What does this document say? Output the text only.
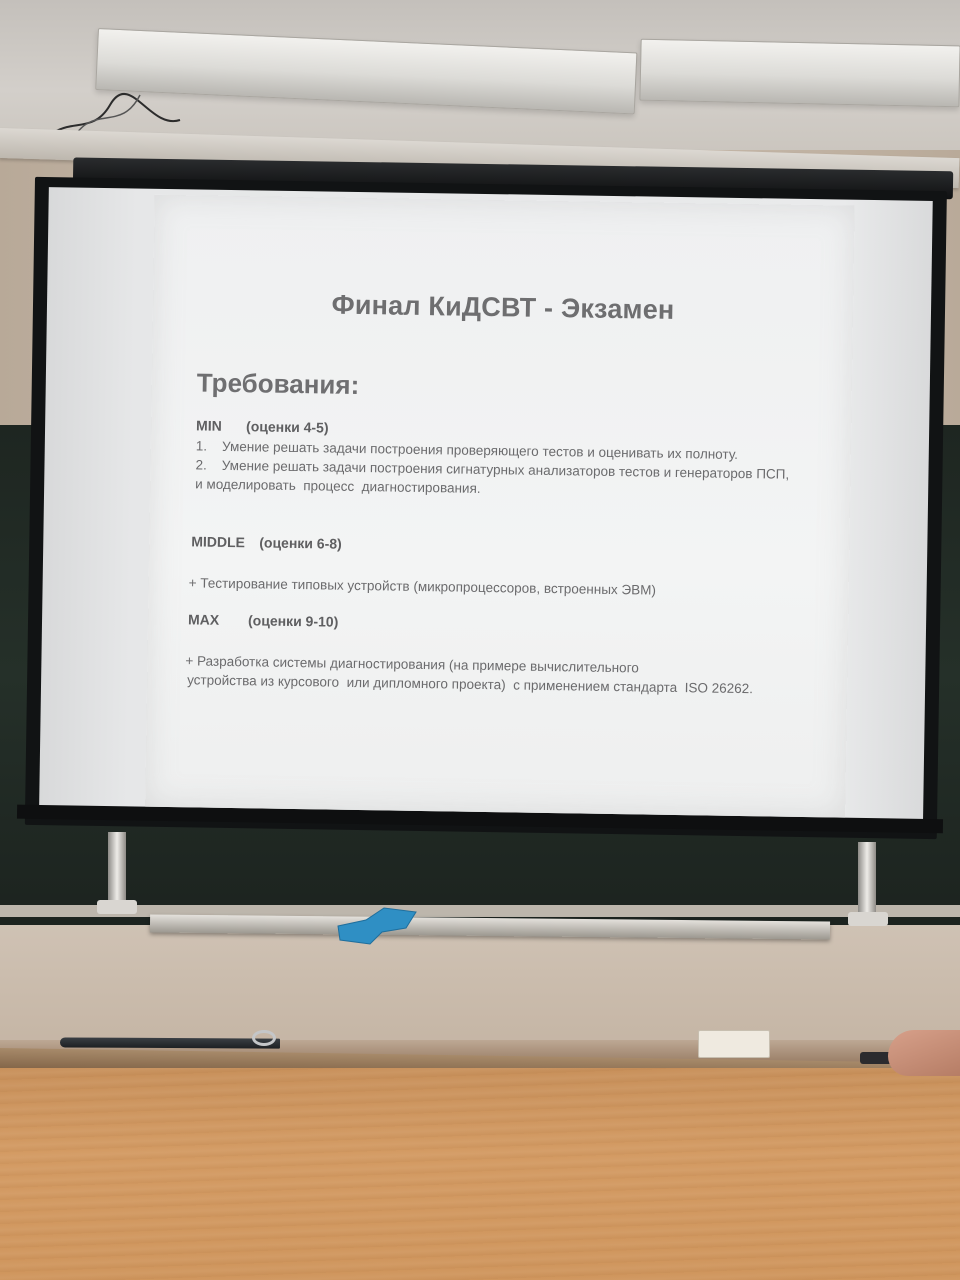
Финал КиДСВТ - Экзамен
Требования:
MIN (оценки 4-5)
1.    Умение решать задачи построения проверяющего тестов и оценивать их полноту.
2.    Умение решать задачи построения сигнатурных анализаторов тестов и генераторов ПСП,
и моделировать  процесс  диагностирования.
MIDDLE (оценки 6-8)
+ Тестирование типовых устройств (микропроцессоров, встроенных ЭВМ)
MAX (оценки 9-10)
+ Разработка системы диагностирования (на примере вычислительного
устройства из курсового  или дипломного проекта)  с применением стандарта  ISO 26262.
